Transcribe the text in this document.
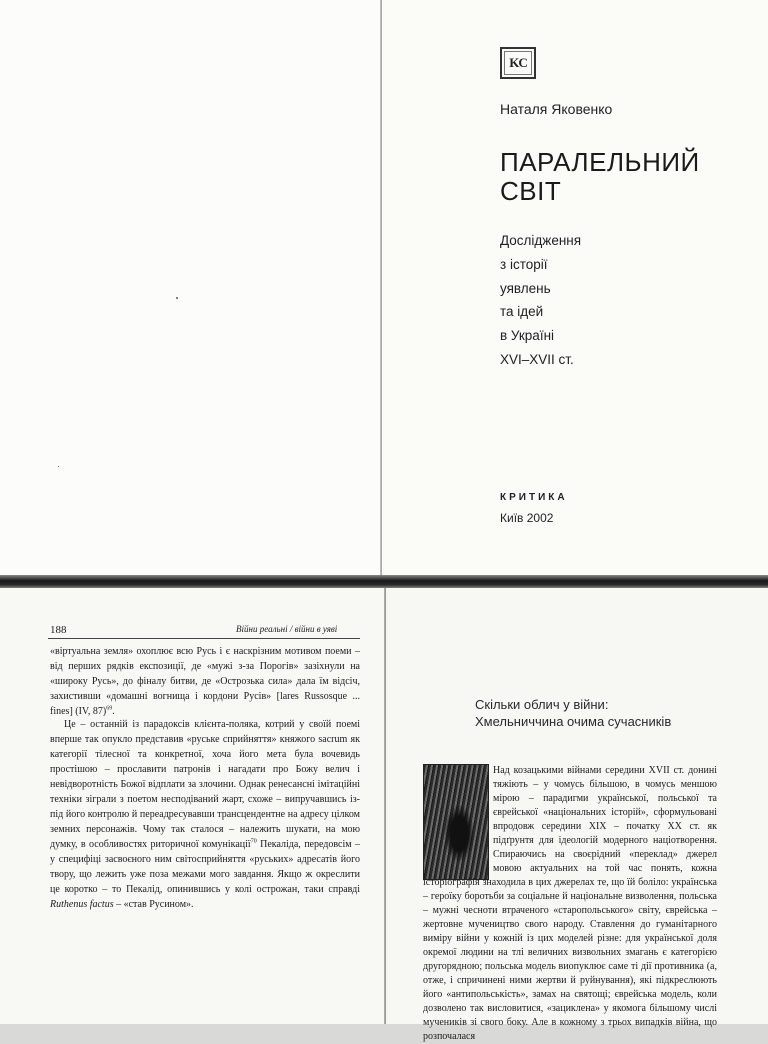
KC
Наталя Яковенко
ПАРАЛЕЛЬНИЙ
СВІТ
Дослідження
з історії
уявлень
та ідей
в Україні
XVI–XVII ст.
КРИТИКА
Київ 2002
188	Війни реальні / війни в уяві

«віртуальна земля» охоплює всю Русь і є наскрізним мотивом поеми – від перших рядків експозиції, де «мужі з-за Порогів» зазіхнули на «широку Русь», до фіналу битви, де «Острозька сила» дала їм відсіч, захистивши «домашні вогнища і кордони Русів» [lares Russosque ... fines] (IV, 87)$^{69}$.

Це – останній із парадоксів клієнта-поляка, котрий у своїй поемі вперше так опукло представив «руське сприйняття» княжого sacrum як категорії тілесної та конкретної, хоча його мета була вочевидь простішою – прославити патронів і нагадати про Божу велич і невідворотність Божої відплати за злочини. Однак ренесансні імітаційні техніки зіграли з поетом несподіваний жарт, схоже – випручавшись із-під його контролю й переадресувавши трансцендентне на адресу цілком земних персонажів. Чому так сталося – належить шукати, на мою думку, в особливостях риторичної комунікації$^{70}$ Пекаліда, передовсім – у специфіці засвоєного ним світосприйняття «руських» адресатів його твору, що лежить уже поза межами мого завдання. Якщо ж окреслити це коротко – то Пекалід, опинившись у колі острожан, таки справді Ruthenus factus – «став Русином».

Скільки облич у війни:
Хмельниччина очима сучасників
Над козацькими війнами середини XVII ст. донині тяжіють – у чомусь більшою, в чомусь меншою мірою – парадигми української, польської та єврейської «національних історій», сформульовані впродовж середини ХІХ – початку ХХ ст. як підґрунтя для ідеологій модерного націотворення. Спираючись на своєрідний «переклад» джерел мовою актуальних на той час понять, кожна історіографія знаходила в цих джерелах те, що їй боліло: українська – героїку боротьби за соціальне й національне визволення, польська – мужні чесноти втраченого «старопольського» світу, єврейська – жертовне мучеництво свого народу. Ставлення до гуманітарного виміру війни у кожній із цих моделей різне: для української доля окремої людини на тлі величних визвольних змагань є категорією другорядною; польська модель виопуклює саме ті дії противника (а, отже, і спричинені ними жертви й руйнування), які підкреслюють його «антипольськість», замах на святощі; єврейська модель, коли дозволено так висловитися, «зациклена» у якомога більшому числі мучеників зі свого боку. Але в кожному з трьох випадків війна, що розпочалася
